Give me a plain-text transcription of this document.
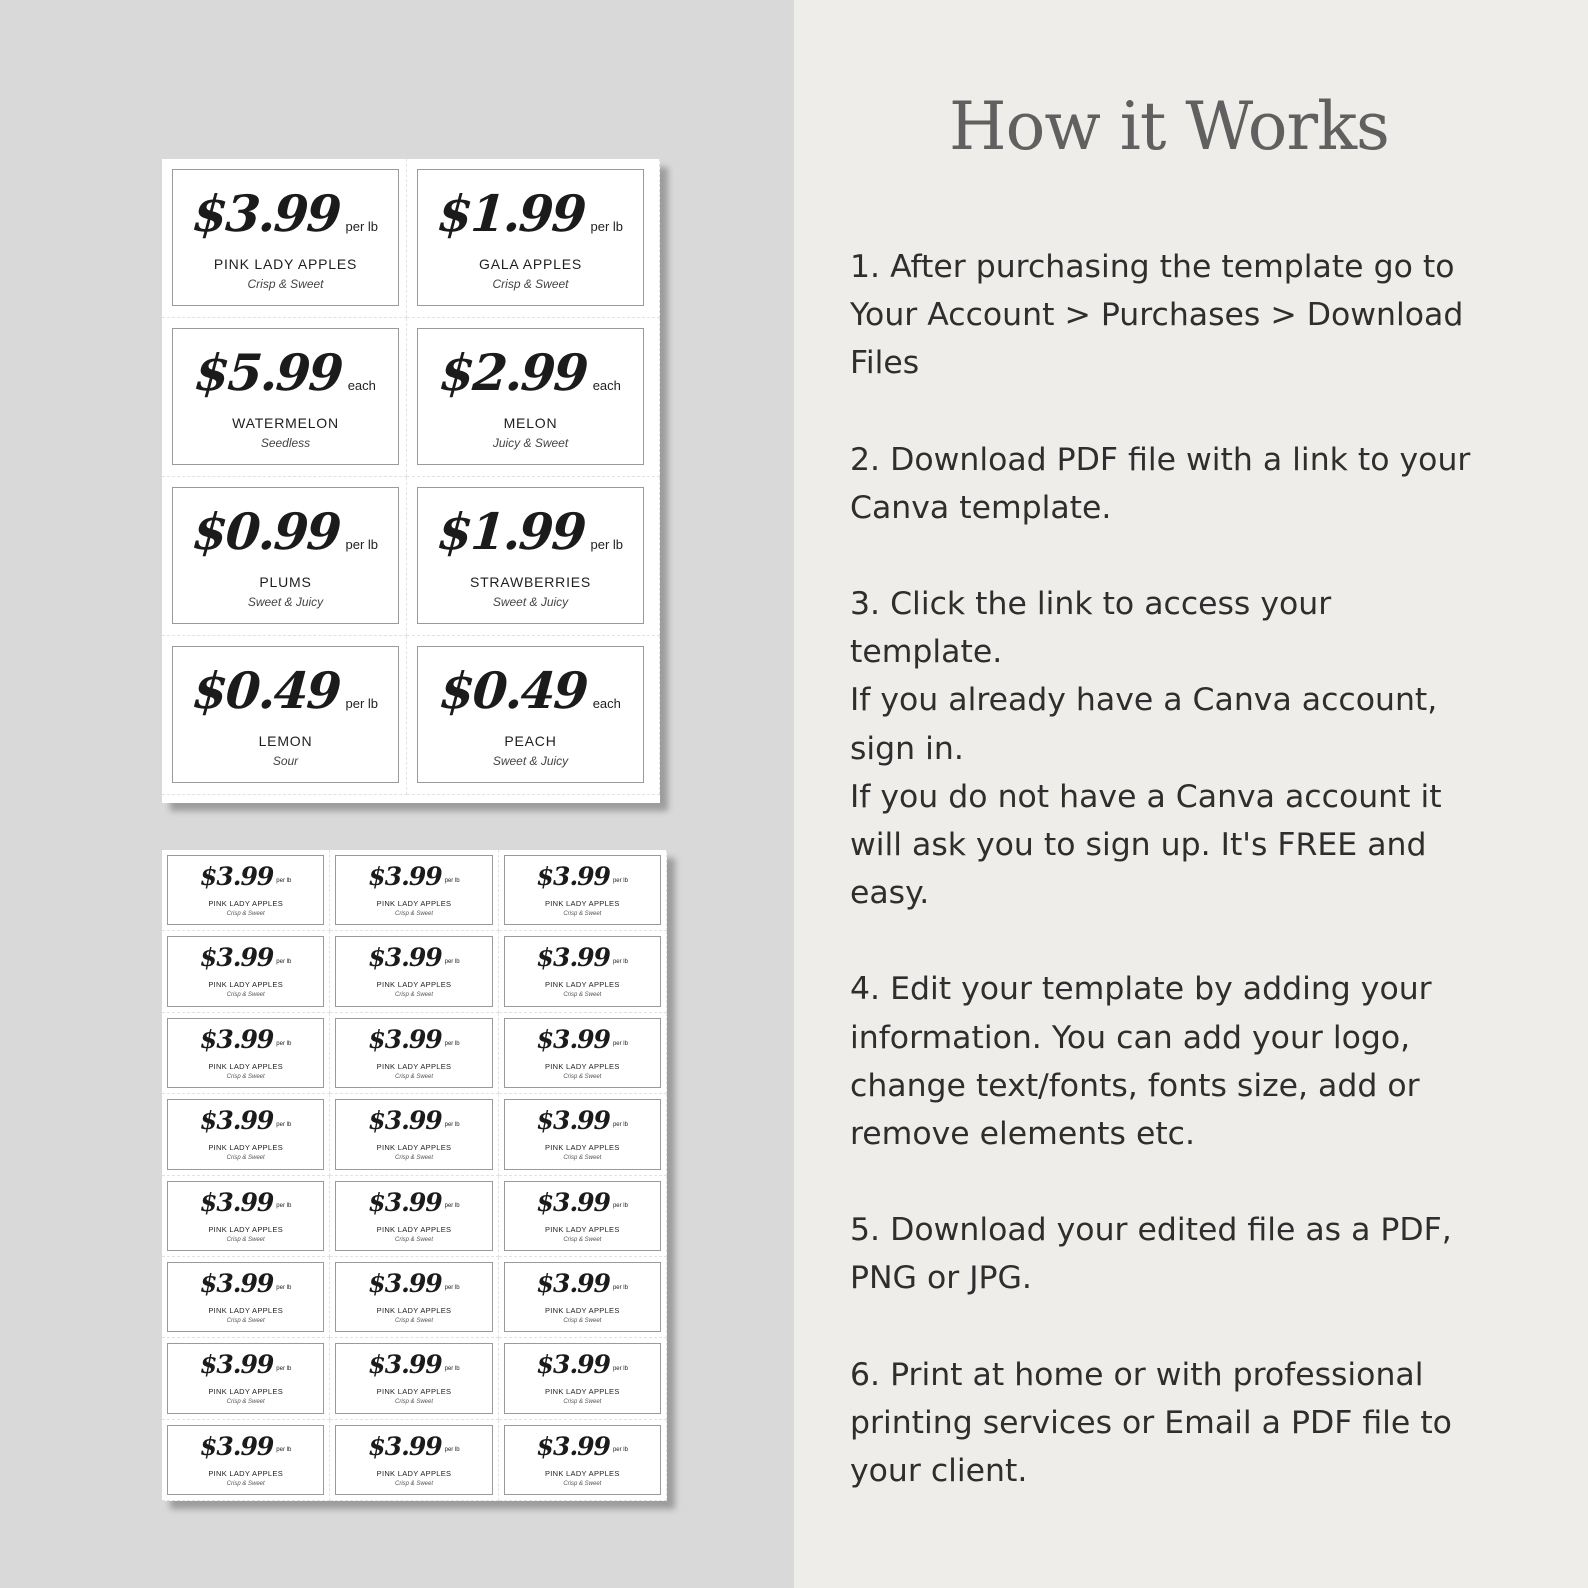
$3.99 per lb
PINK LADY APPLES
Crisp & Sweet
$1.99 per lb
GALA APPLES
Crisp & Sweet
$5.99 each
WATERMELON
Seedless
$2.99 each
MELON
Juicy & Sweet
$0.99 per lb
PLUMS
Sweet & Juicy
$1.99 per lb
STRAWBERRIES
Sweet & Juicy
$0.49 per lb
LEMON
Sour
$0.49 each
PEACH
Sweet & Juicy
$3.99 per lb
PINK LADY APPLES
Crisp & Sweet
$3.99 per lb
PINK LADY APPLES
Crisp & Sweet
$3.99 per lb
PINK LADY APPLES
Crisp & Sweet
$3.99 per lb
PINK LADY APPLES
Crisp & Sweet
$3.99 per lb
PINK LADY APPLES
Crisp & Sweet
$3.99 per lb
PINK LADY APPLES
Crisp & Sweet
$3.99 per lb
PINK LADY APPLES
Crisp & Sweet
$3.99 per lb
PINK LADY APPLES
Crisp & Sweet
$3.99 per lb
PINK LADY APPLES
Crisp & Sweet
$3.99 per lb
PINK LADY APPLES
Crisp & Sweet
$3.99 per lb
PINK LADY APPLES
Crisp & Sweet
$3.99 per lb
PINK LADY APPLES
Crisp & Sweet
$3.99 per lb
PINK LADY APPLES
Crisp & Sweet
$3.99 per lb
PINK LADY APPLES
Crisp & Sweet
$3.99 per lb
PINK LADY APPLES
Crisp & Sweet
$3.99 per lb
PINK LADY APPLES
Crisp & Sweet
$3.99 per lb
PINK LADY APPLES
Crisp & Sweet
$3.99 per lb
PINK LADY APPLES
Crisp & Sweet
$3.99 per lb
PINK LADY APPLES
Crisp & Sweet
$3.99 per lb
PINK LADY APPLES
Crisp & Sweet
$3.99 per lb
PINK LADY APPLES
Crisp & Sweet
$3.99 per lb
PINK LADY APPLES
Crisp & Sweet
$3.99 per lb
PINK LADY APPLES
Crisp & Sweet
$3.99 per lb
PINK LADY APPLES
Crisp & Sweet
How it Works

1. After purchasing the template go to
Your Account > Purchases > Download
Files

2. Download PDF file with a link to your
Canva template.

3. Click the link to access your
template.
If you already have a Canva account,
sign in.
If you do not have a Canva account it
will ask you to sign up. It's FREE and
easy.

4. Edit your template by adding your
information. You can add your logo,
change text/fonts, fonts size, add or
remove elements etc.

5. Download your edited file as a PDF,
PNG or JPG.

6. Print at home or with professional
printing services or Email a PDF file to
your client.
